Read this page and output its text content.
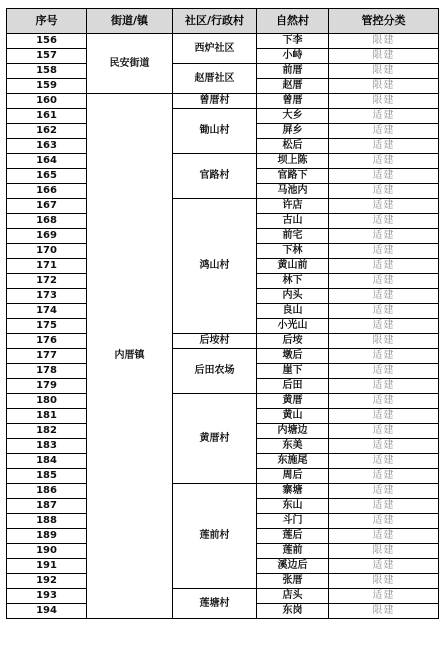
序号	街道/镇	社区/行政村	自然村	管控分类
156	民安街道	西炉社区	下李	限建
157			小峙	限建
158		赵厝社区	前厝	限建
159			赵厝	限建
160	内厝镇	曾厝村	曾厝	限建
161		锄山村	大乡	适建
162			屏乡	适建
163			松后	适建
164		官路村	坝上陈	适建
165			官路下	适建
166			马池内	适建
167		鸿山村	许店	适建
168			古山	适建
169			前宅	适建
170			下林	适建
171			黄山前	适建
172			林下	适建
173			内头	适建
174			良山	适建
175			小光山	适建
176		后垵村	后垵	限建
177		后田农场	墩后	适建
178			崖下	适建
179			后田	适建
180		黄厝村	黄厝	适建
181			黄山	适建
182			内塘边	适建
183			东美	适建
184			东施尾	适建
185			周后	适建
186		莲前村	寨塘	适建
187			东山	适建
188			斗门	适建
189			莲后	适建
190			莲前	限建
191			溪边后	适建
192			张厝	限建
193		莲塘村	店头	适建
194			东岗	限建
